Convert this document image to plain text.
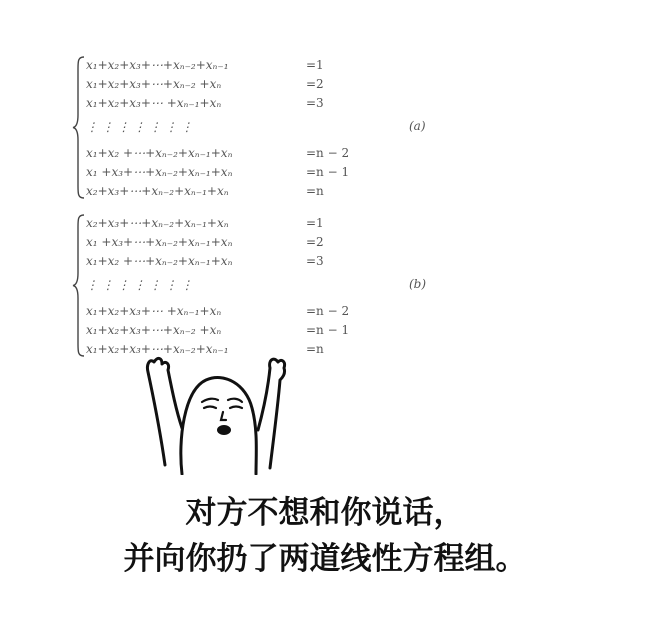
x₁+x₂+x₃+⋯+xₙ₋₂+xₙ₋₁	=1
x₁+x₂+x₃+⋯+xₙ₋₂ +xₙ	=2
x₁+x₂+x₃+⋯ +xₙ₋₁+xₙ	=3
⋮ ⋮ ⋮ ⋮ ⋮ ⋮ ⋮
x₁+x₂ +⋯+xₙ₋₂+xₙ₋₁+xₙ	=n − 2
x₁ +x₃+⋯+xₙ₋₂+xₙ₋₁+xₙ	=n − 1
x₂+x₃+⋯+xₙ₋₂+xₙ₋₁+xₙ	=n
(a)
x₂+x₃+⋯+xₙ₋₂+xₙ₋₁+xₙ	=1
x₁ +x₃+⋯+xₙ₋₂+xₙ₋₁+xₙ	=2
x₁+x₂ +⋯+xₙ₋₂+xₙ₋₁+xₙ	=3
⋮ ⋮ ⋮ ⋮ ⋮ ⋮ ⋮
x₁+x₂+x₃+⋯ +xₙ₋₁+xₙ	=n − 2
x₁+x₂+x₃+⋯+xₙ₋₂ +xₙ	=n − 1
x₁+x₂+x₃+⋯+xₙ₋₂+xₙ₋₁	=n
(b)
对方不想和你说话，
并向你扔了两道线性方程组。
